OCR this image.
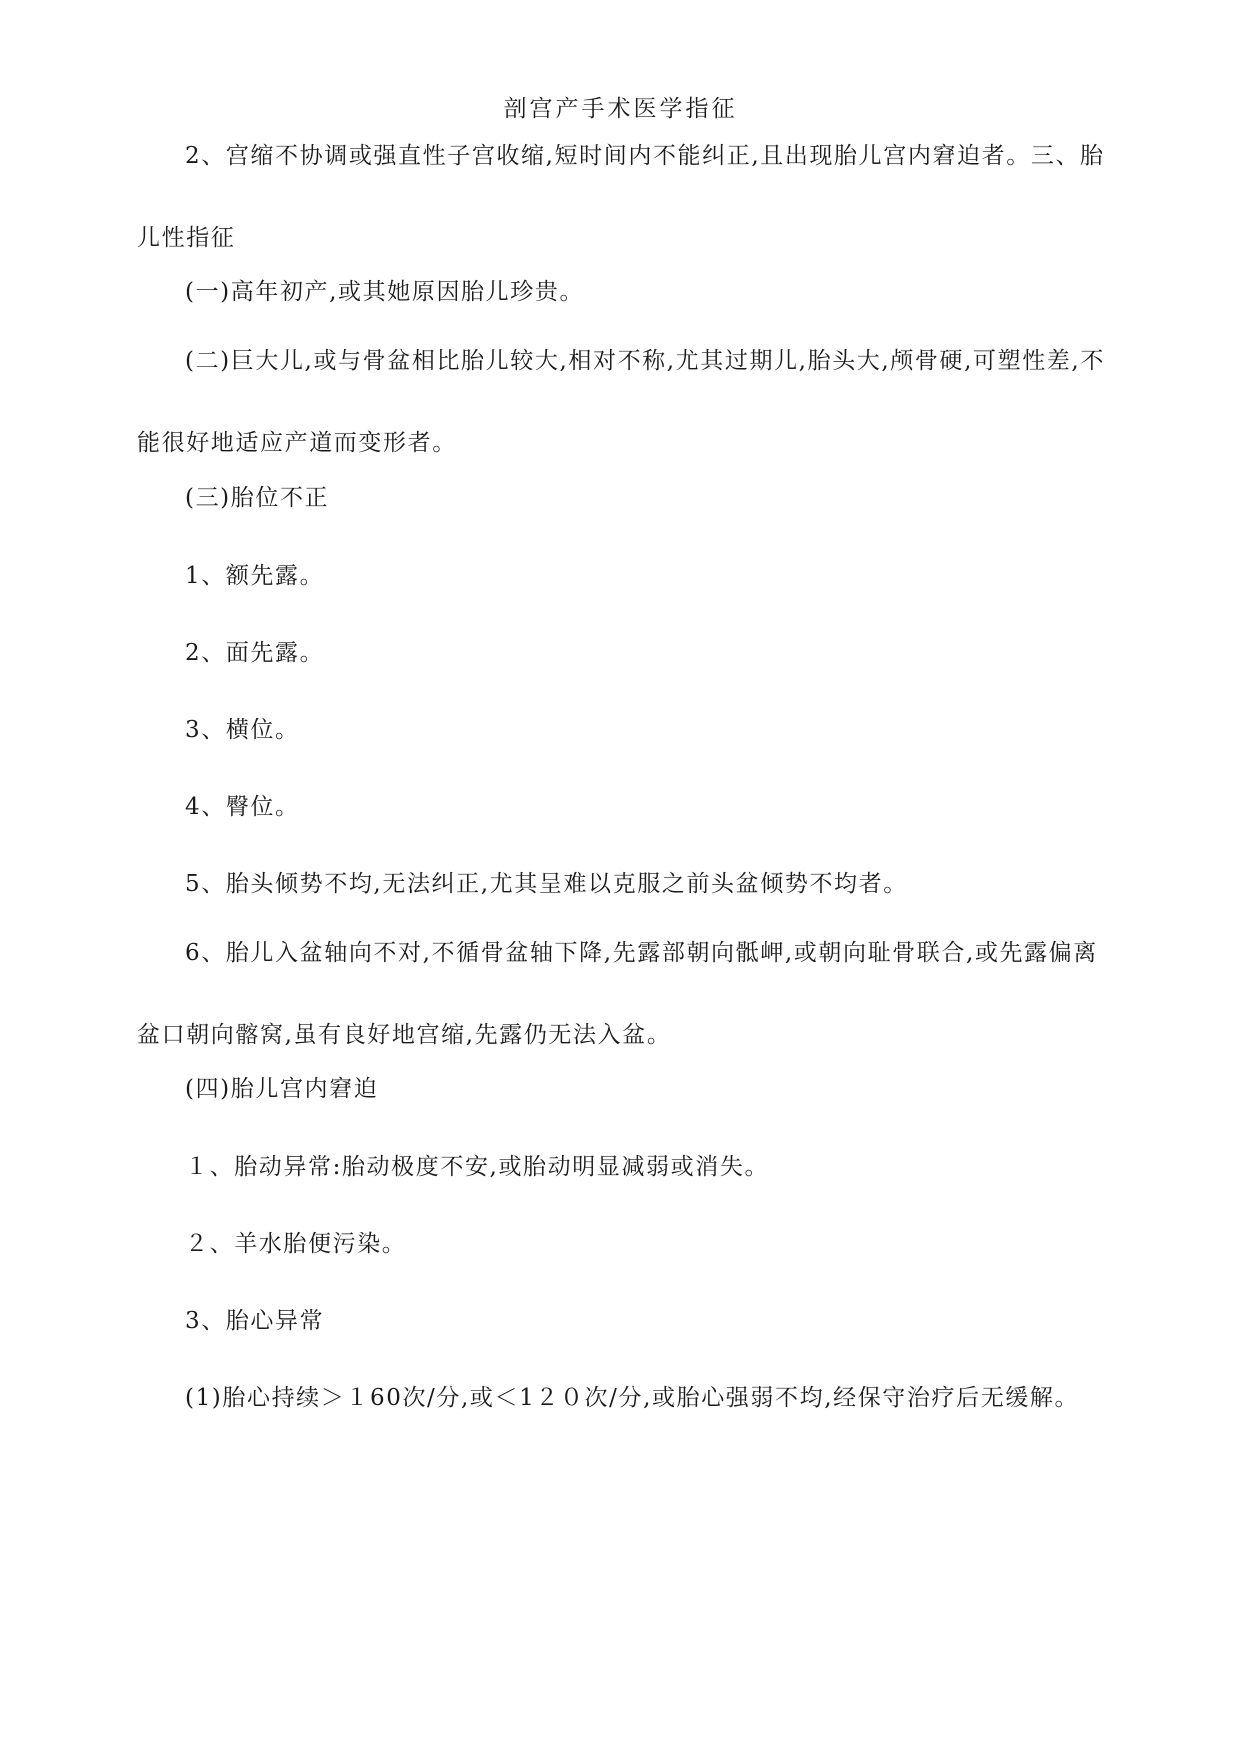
剖宫产手术医学指征

2、宫缩不协调或强直性子宫收缩,短时间内不能纠正,且出现胎儿宫内窘迫者。三、胎儿性指征

(一)高年初产,或其她原因胎儿珍贵。

(二)巨大儿,或与骨盆相比胎儿较大,相对不称,尤其过期儿,胎头大,颅骨硬,可塑性差,不能很好地适应产道而变形者。

(三)胎位不正

1、额先露。

2、面先露。

3、横位。

4、臀位。

5、胎头倾势不均,无法纠正,尤其呈难以克服之前头盆倾势不均者。

6、胎儿入盆轴向不对,不循骨盆轴下降,先露部朝向骶岬,或朝向耻骨联合,或先露偏离盆口朝向髂窝,虽有良好地宫缩,先露仍无法入盆。

(四)胎儿宫内窘迫

１、胎动异常:胎动极度不安,或胎动明显减弱或消失。

２、羊水胎便污染。

3、胎心异常

(1)胎心持续＞１60次/分,或＜1２０次/分,或胎心强弱不均,经保守治疗后无缓解。
